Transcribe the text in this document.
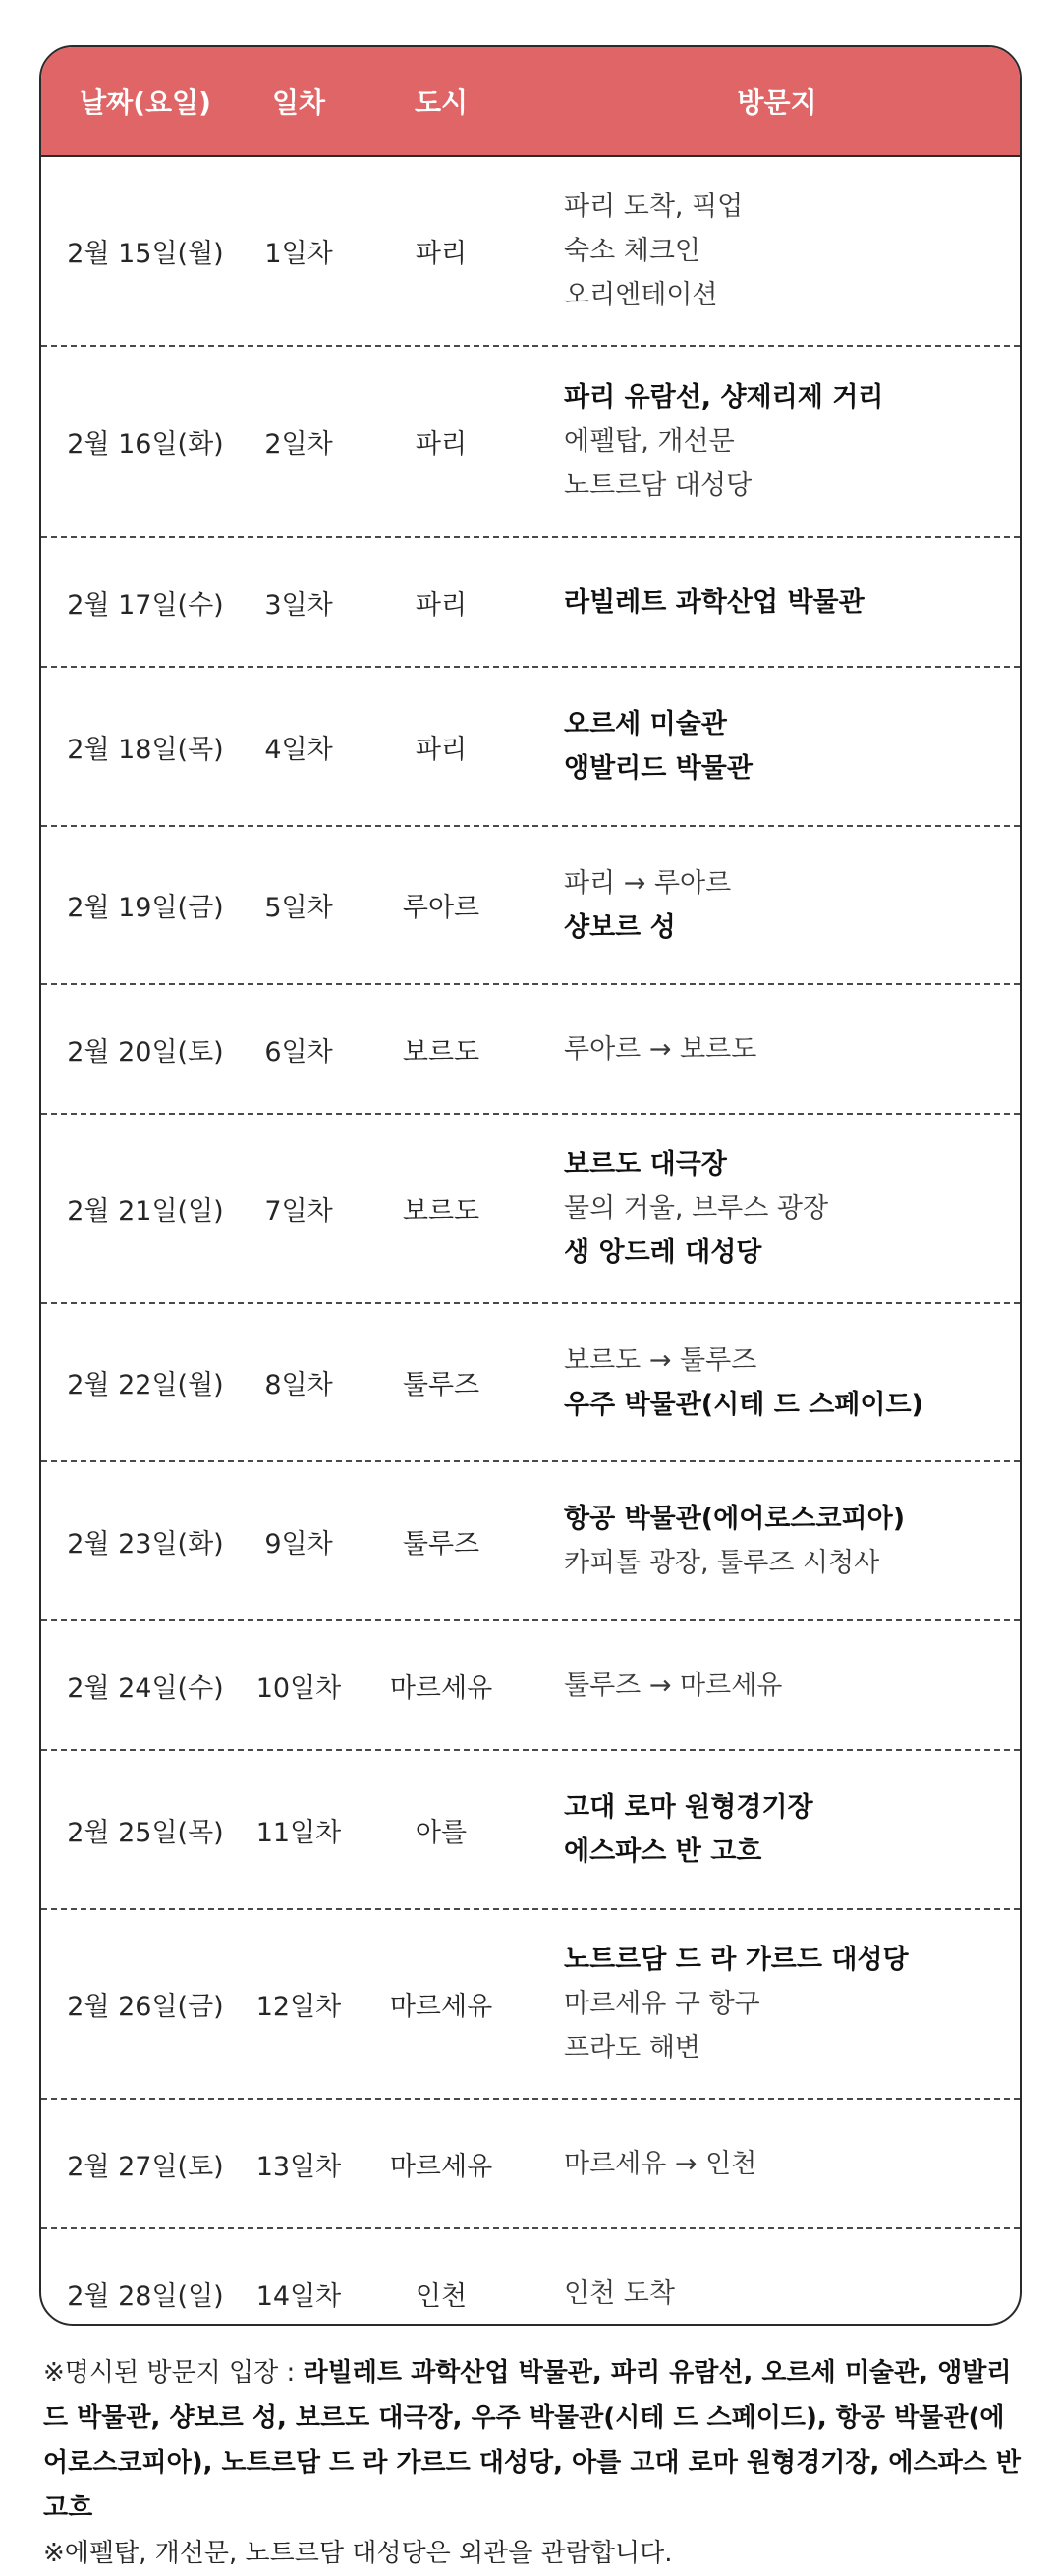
날짜(요일)	일차	도시	방문지
2월 15일(월)	1일차	파리
파리 도착, 픽업
숙소 체크인
오리엔테이션
2월 16일(화)	2일차	파리
파리 유람선, 샹제리제 거리
에펠탑, 개선문
노트르담 대성당
2월 17일(수)	3일차	파리	라빌레트 과학산업 박물관
2월 18일(목)	4일차	파리
오르세 미술관
앵발리드 박물관
2월 19일(금)	5일차	루아르
파리 → 루아르
샹보르 성
2월 20일(토)	6일차	보르도	루아르 → 보르도
2월 21일(일)	7일차	보르도
보르도 대극장
물의 거울, 브루스 광장
생 앙드레 대성당
2월 22일(월)	8일차	툴루즈
보르도 → 툴루즈
우주 박물관(시테 드 스페이드)
2월 23일(화)	9일차	툴루즈
항공 박물관(에어로스코피아)
카피톨 광장, 툴루즈 시청사
2월 24일(수)	10일차	마르세유	툴루즈 → 마르세유
2월 25일(목)	11일차	아를
고대 로마 원형경기장
에스파스 반 고흐
2월 26일(금)	12일차	마르세유
노트르담 드 라 가르드 대성당
마르세유 구 항구
프라도 해변
2월 27일(토)	13일차	마르세유	마르세유 → 인천
2월 28일(일)	14일차	인천	인천 도착
※명시된 방문지 입장 : 라빌레트 과학산업 박물관, 파리 유람선, 오르세 미술관, 앵발리드 박물관, 샹보르 성, 보르도 대극장, 우주 박물관(시테 드 스페이드), 항공 박물관(에어로스코피아), 노트르담 드 라 가르드 대성당, 아를 고대 로마 원형경기장, 에스파스 반 고흐
※에펠탑, 개선문, 노트르담 대성당은 외관을 관람합니다.
